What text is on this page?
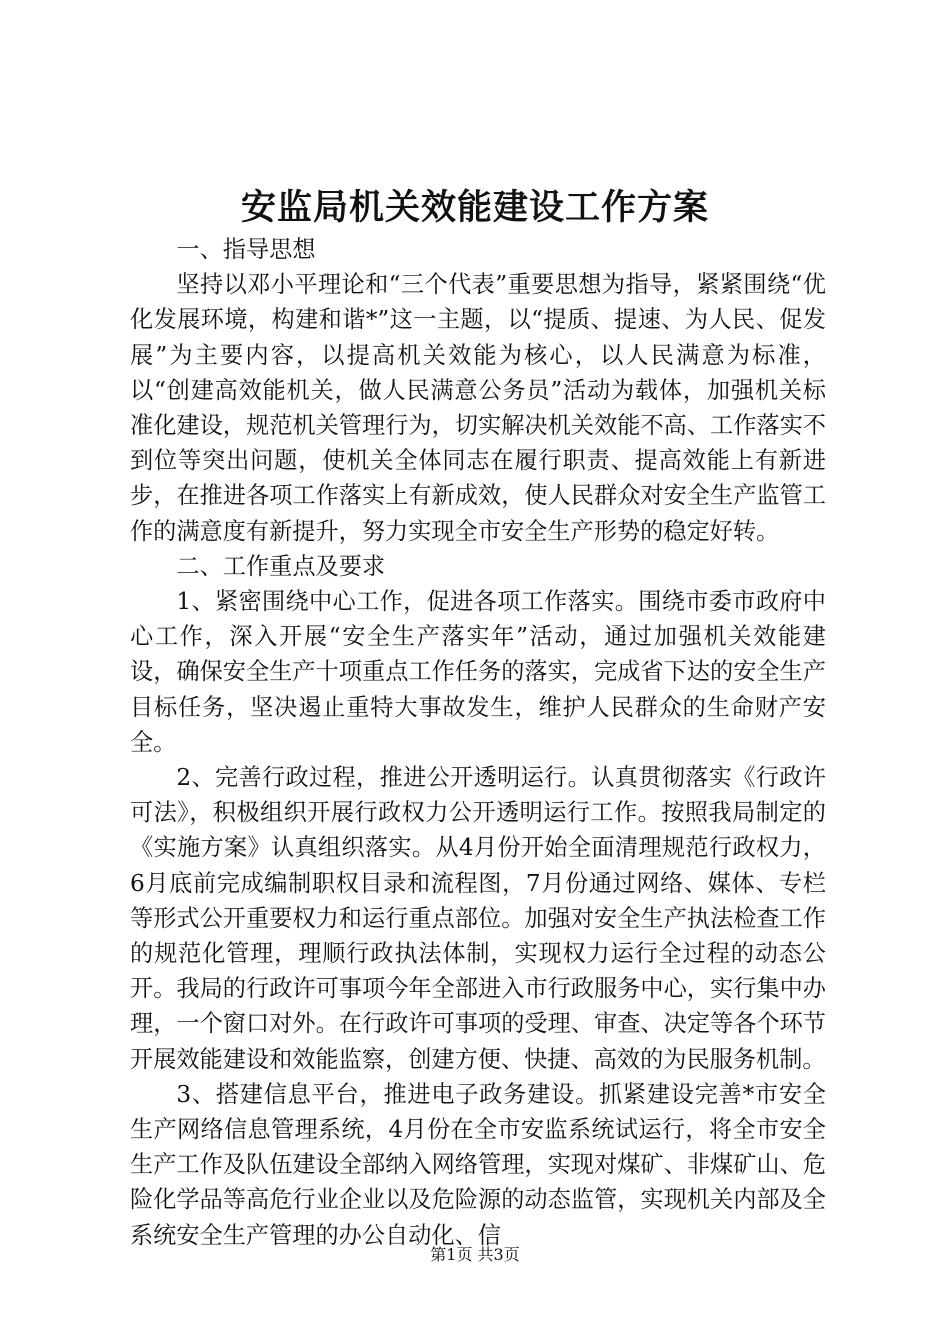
安监局机关效能建设工作方案

一、指导思想

坚持以邓小平理论和“三个代表”重要思想为指导，紧紧围绕“优化发展环境，构建和谐*”这一主题，以“提质、提速、为人民、促发展”为主要内容，以提高机关效能为核心，以人民满意为标准，以“创建高效能机关，做人民满意公务员”活动为载体，加强机关标准化建设，规范机关管理行为，切实解决机关效能不高、工作落实不到位等突出问题，使机关全体同志在履行职责、提高效能上有新进步，在推进各项工作落实上有新成效，使人民群众对安全生产监管工作的满意度有新提升，努力实现全市安全生产形势的稳定好转。

二、工作重点及要求

1、紧密围绕中心工作，促进各项工作落实。围绕市委市政府中心工作，深入开展“安全生产落实年”活动，通过加强机关效能建设，确保安全生产十项重点工作任务的落实，完成省下达的安全生产目标任务，坚决遏止重特大事故发生，维护人民群众的生命财产安全。

2、完善行政过程，推进公开透明运行。认真贯彻落实《行政许可法》，积极组织开展行政权力公开透明运行工作。按照我局制定的《实施方案》认真组织落实。从4月份开始全面清理规范行政权力，6月底前完成编制职权目录和流程图，7月份通过网络、媒体、专栏等形式公开重要权力和运行重点部位。加强对安全生产执法检查工作的规范化管理，理顺行政执法体制，实现权力运行全过程的动态公开。我局的行政许可事项今年全部进入市行政服务中心，实行集中办理，一个窗口对外。在行政许可事项的受理、审查、决定等各个环节开展效能建设和效能监察，创建方便、快捷、高效的为民服务机制。

3、搭建信息平台，推进电子政务建设。抓紧建设完善*市安全生产网络信息管理系统，4月份在全市安监系统试运行，将全市安全生产工作及队伍建设全部纳入网络管理，实现对煤矿、非煤矿山、危险化学品等高危行业企业以及危险源的动态监管，实现机关内部及全系统安全生产管理的办公自动化、信

第1页 共3页
